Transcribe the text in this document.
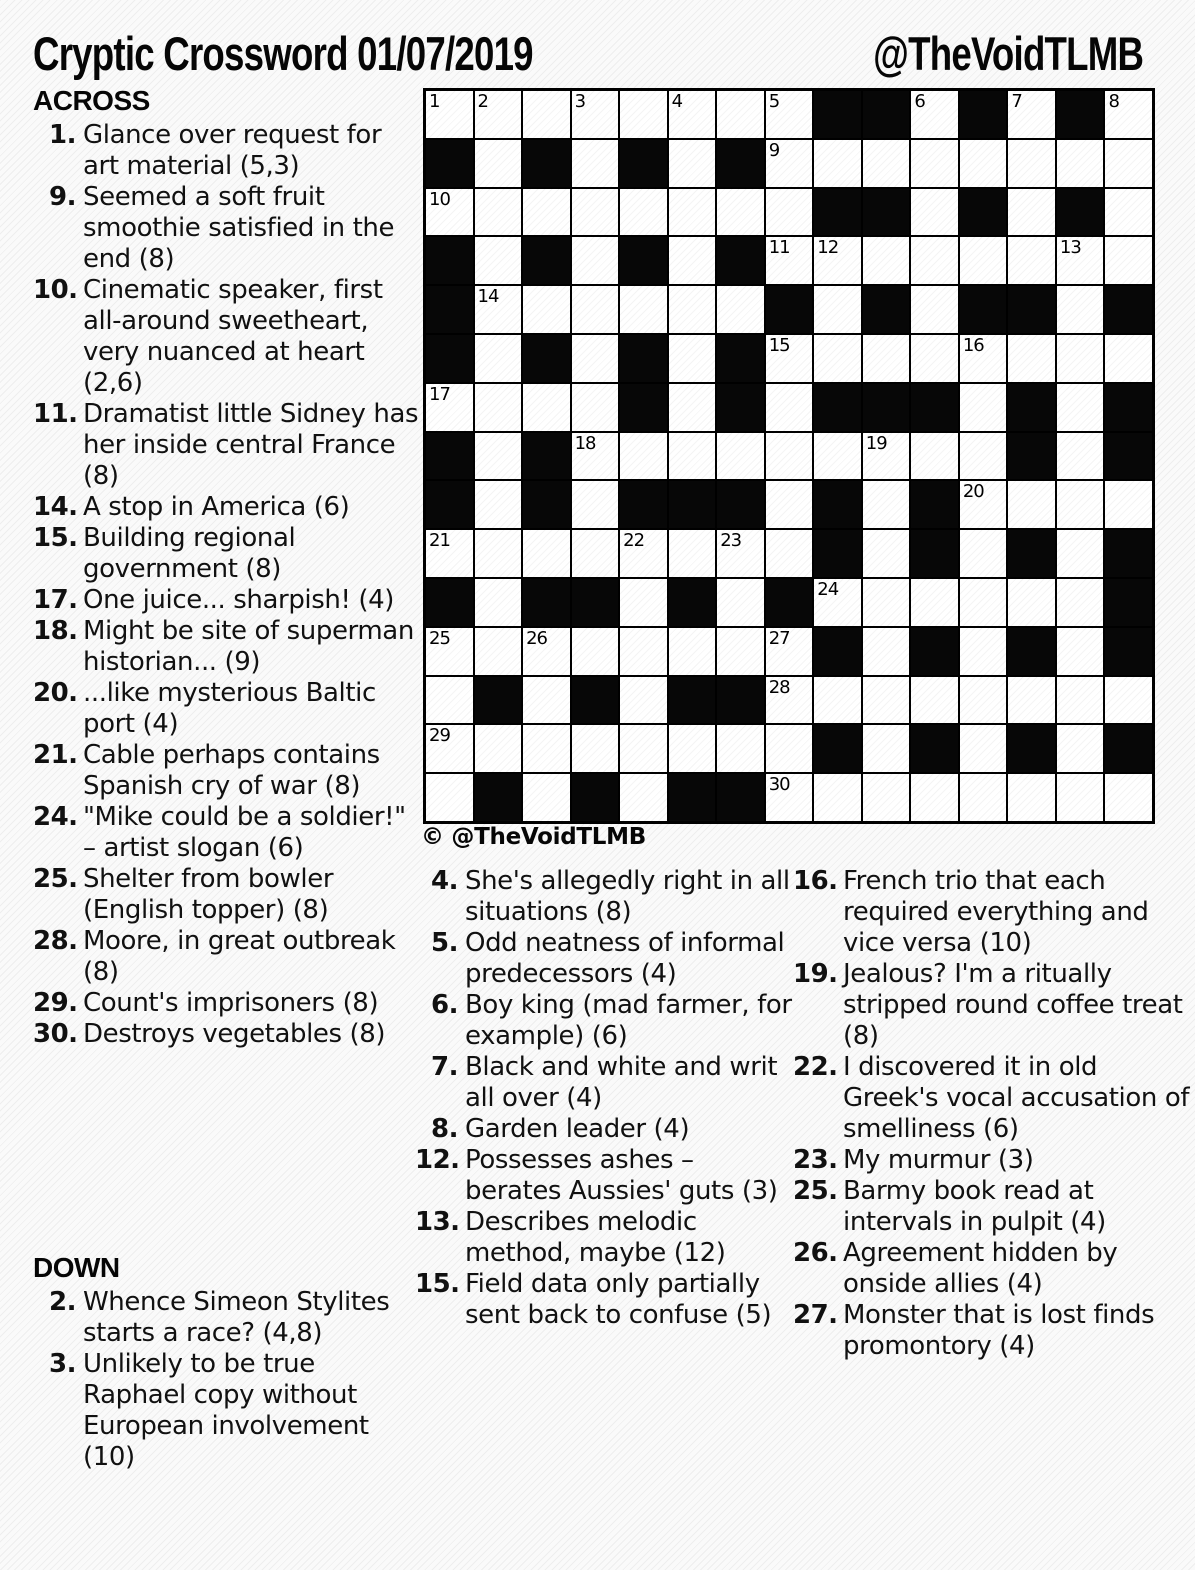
Cryptic Crossword 01/07/2019	@TheVoidTLMB
ACROSS
1. Glance over request for art material (5,3)
9. Seemed a soft fruit smoothie satisfied in the end (8)
10. Cinematic speaker, first all-around sweetheart, very nuanced at heart (2,6)
11. Dramatist little Sidney has her inside central France (8)
14. A stop in America (6)
15. Building regional government (8)
17. One juice... sharpish! (4)
18. Might be site of superman historian... (9)
20. ...like mysterious Baltic port (4)
21. Cable perhaps contains Spanish cry of war (8)
24. "Mike could be a soldier!" – artist slogan (6)
25. Shelter from bowler (English topper) (8)
28. Moore, in great outbreak (8)
29. Count's imprisoners (8)
30. Destroys vegetables (8)
1 2	3	4	5	6	7	8
9
10
11 12	13
14
15	16
17
18	19
20
21	22	23
24
25	26	27
28
29
30
© @TheVoidTLMB
DOWN
2. Whence Simeon Stylites starts a race? (4,8)
3. Unlikely to be true Raphael copy without European involvement (10)
4. She's allegedly right in all situations (8)
5. Odd neatness of informal predecessors (4)
6. Boy king (mad farmer, for example) (6)
7. Black and white and writ all over (4)
8. Garden leader (4)
12. Possesses ashes – berates Aussies' guts (3)
13. Describes melodic method, maybe (12)
15. Field data only partially sent back to confuse (5)
16. French trio that each required everything and vice versa (10)
19. Jealous? I'm a ritually stripped round coffee treat (8)
22. I discovered it in old Greek's vocal accusation of smelliness (6)
23. My murmur (3)
25. Barmy book read at intervals in pulpit (4)
26. Agreement hidden by onside allies (4)
27. Monster that is lost finds promontory (4)
